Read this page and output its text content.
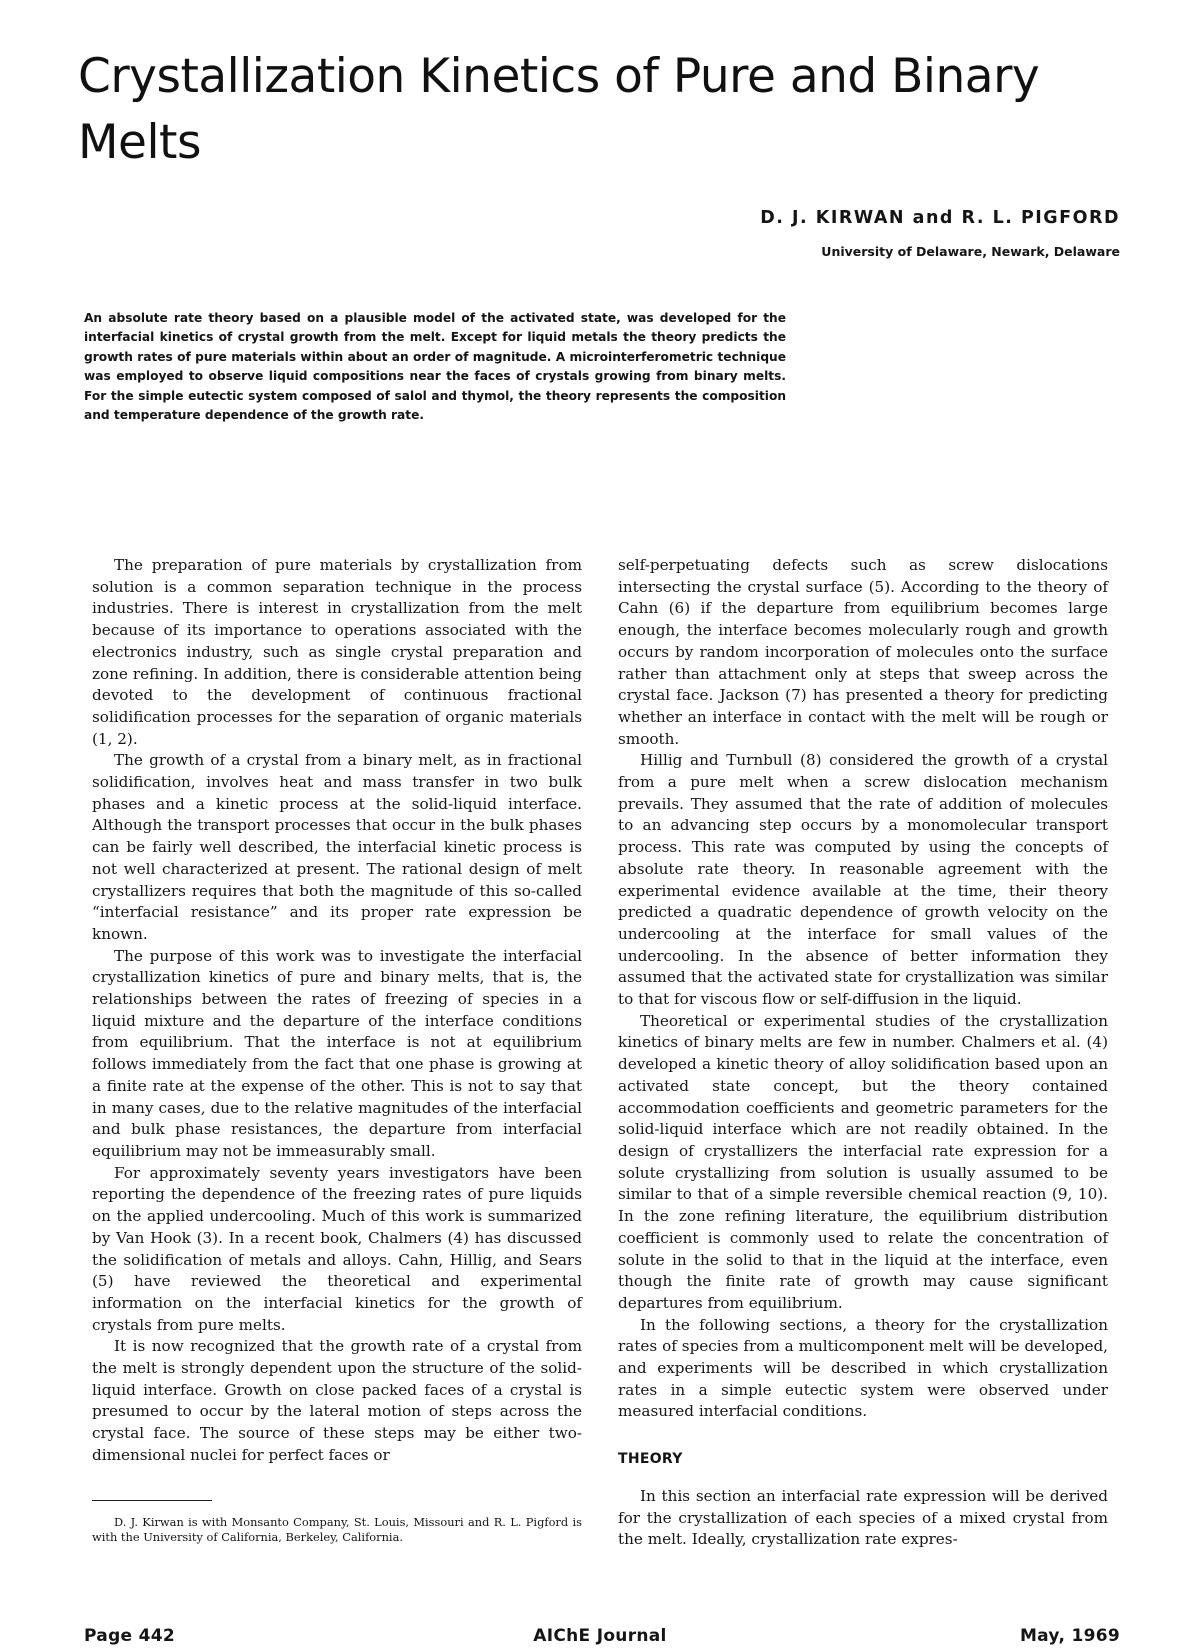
Crystallization Kinetics of Pure and Binary Melts
D. J. KIRWAN and R. L. PIGFORD
University of Delaware, Newark, Delaware

An absolute rate theory based on a plausible model of the activated state, was developed for the interfacial kinetics of crystal growth from the melt. Except for liquid metals the theory predicts the growth rates of pure materials within about an order of magnitude. A microinterferometric technique was employed to observe liquid compositions near the faces of crystals growing from binary melts. For the simple eutectic system composed of salol and thymol, the theory represents the composition and temperature dependence of the growth rate.

The preparation of pure materials by crystallization from solution is a common separation technique in the process industries. There is interest in crystallization from the melt because of its importance to operations associated with the electronics industry, such as single crystal preparation and zone refining. In addition, there is considerable attention being devoted to the development of continuous fractional solidification processes for the separation of organic materials (1, 2).

The growth of a crystal from a binary melt, as in fractional solidification, involves heat and mass transfer in two bulk phases and a kinetic process at the solid-liquid interface. Although the transport processes that occur in the bulk phases can be fairly well described, the interfacial kinetic process is not well characterized at present. The rational design of melt crystallizers requires that both the magnitude of this so-called “interfacial resistance” and its proper rate expression be known.

The purpose of this work was to investigate the interfacial crystallization kinetics of pure and binary melts, that is, the relationships between the rates of freezing of species in a liquid mixture and the departure of the interface conditions from equilibrium. That the interface is not at equilibrium follows immediately from the fact that one phase is growing at a finite rate at the expense of the other. This is not to say that in many cases, due to the relative magnitudes of the interfacial and bulk phase resistances, the departure from interfacial equilibrium may not be immeasurably small.

For approximately seventy years investigators have been reporting the dependence of the freezing rates of pure liquids on the applied undercooling. Much of this work is summarized by Van Hook (3). In a recent book, Chalmers (4) has discussed the solidification of metals and alloys. Cahn, Hillig, and Sears (5) have reviewed the theoretical and experimental information on the interfacial kinetics for the growth of crystals from pure melts.

It is now recognized that the growth rate of a crystal from the melt is strongly dependent upon the structure of the solid-liquid interface. Growth on close packed faces of a crystal is presumed to occur by the lateral motion of steps across the crystal face. The source of these steps may be either two-dimensional nuclei for perfect faces or

self-perpetuating defects such as screw dislocations intersecting the crystal surface (5). According to the theory of Cahn (6) if the departure from equilibrium becomes large enough, the interface becomes molecularly rough and growth occurs by random incorporation of molecules onto the surface rather than attachment only at steps that sweep across the crystal face. Jackson (7) has presented a theory for predicting whether an interface in contact with the melt will be rough or smooth.

Hillig and Turnbull (8) considered the growth of a crystal from a pure melt when a screw dislocation mechanism prevails. They assumed that the rate of addition of molecules to an advancing step occurs by a monomolecular transport process. This rate was computed by using the concepts of absolute rate theory. In reasonable agreement with the experimental evidence available at the time, their theory predicted a quadratic dependence of growth velocity on the undercooling at the interface for small values of the undercooling. In the absence of better information they assumed that the activated state for crystallization was similar to that for viscous flow or self-diffusion in the liquid.

Theoretical or experimental studies of the crystallization kinetics of binary melts are few in number. Chalmers et al. (4) developed a kinetic theory of alloy solidification based upon an activated state concept, but the theory contained accommodation coefficients and geometric parameters for the solid-liquid interface which are not readily obtained. In the design of crystallizers the interfacial rate expression for a solute crystallizing from solution is usually assumed to be similar to that of a simple reversible chemical reaction (9, 10). In the zone refining literature, the equilibrium distribution coefficient is commonly used to relate the concentration of solute in the solid to that in the liquid at the interface, even though the finite rate of growth may cause significant departures from equilibrium.

In the following sections, a theory for the crystallization rates of species from a multicomponent melt will be developed, and experiments will be described in which crystallization rates in a simple eutectic system were observed under measured interfacial conditions.

THEORY

In this section an interfacial rate expression will be derived for the crystallization of each species of a mixed crystal from the melt. Ideally, crystallization rate expres-

D. J. Kirwan is with Monsanto Company, St. Louis, Missouri and R. L. Pigford is with the University of California, Berkeley, California.

Page 442	AIChE Journal	May, 1969
